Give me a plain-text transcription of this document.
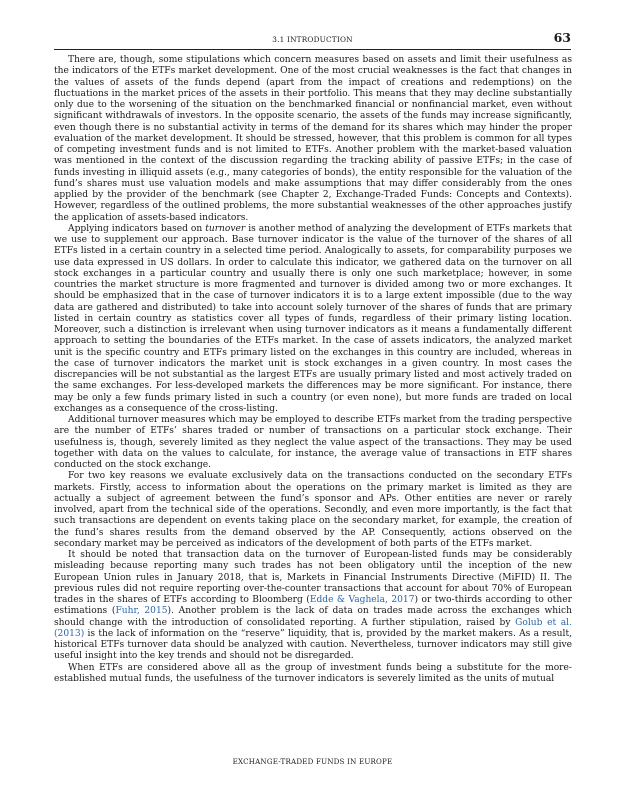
3.1 INTRODUCTION	63

There are, though, some stipulations which concern measures based on assets and limit their usefulness as the indicators of the ETFs market development. One of the most crucial weaknesses is the fact that changes in the values of assets of the funds depend (apart from the impact of creations and redemptions) on the fluctuations in the market prices of the assets in their portfolio. This means that they may decline substantially only due to the worsening of the situation on the benchmarked financial or nonfinancial market, even without significant withdrawals of investors. In the opposite scenario, the assets of the funds may increase significantly, even though there is no substantial activity in terms of the demand for its shares which may hinder the proper evaluation of the market development. It should be stressed, however, that this problem is common for all types of competing investment funds and is not limited to ETFs. Another problem with the market-based valuation was mentioned in the context of the discussion regarding the tracking ability of passive ETFs; in the case of funds investing in illiquid assets (e.g., many categories of bonds), the entity responsible for the valuation of the fund’s shares must use valuation models and make assumptions that may differ considerably from the ones applied by the provider of the benchmark (see Chapter 2, Exchange-Traded Funds: Concepts and Contexts). However, regardless of the outlined problems, the more substantial weaknesses of the other approaches justify the application of assets-based indicators.

Applying indicators based on turnover is another method of analyzing the development of ETFs markets that we use to supplement our approach. Base turnover indicator is the value of the turnover of the shares of all ETFs listed in a certain country in a selected time period. Analogically to assets, for comparability purposes we use data expressed in US dollars. In order to calculate this indicator, we gathered data on the turnover on all stock exchanges in a particular country and usually there is only one such marketplace; however, in some countries the market structure is more fragmented and turnover is divided among two or more exchanges. It should be emphasized that in the case of turnover indicators it is to a large extent impossible (due to the way data are gathered and distributed) to take into account solely turnover of the shares of funds that are primary listed in certain country as statistics cover all types of funds, regardless of their primary listing location. Moreover, such a distinction is irrelevant when using turnover indicators as it means a fundamentally different approach to setting the boundaries of the ETFs market. In the case of assets indicators, the analyzed market unit is the specific country and ETFs primary listed on the exchanges in this country are included, whereas in the case of turnover indicators the market unit is stock exchanges in a given country. In most cases the discrepancies will be not substantial as the largest ETFs are usually primary listed and most actively traded on the same exchanges. For less-developed markets the differences may be more significant. For instance, there may be only a few funds primary listed in such a country (or even none), but more funds are traded on local exchanges as a consequence of the cross-listing.

Additional turnover measures which may be employed to describe ETFs market from the trading perspective are the number of ETFs’ shares traded or number of transactions on a particular stock exchange. Their usefulness is, though, severely limited as they neglect the value aspect of the transactions. They may be used together with data on the values to calculate, for instance, the average value of transactions in ETF shares conducted on the stock exchange.

For two key reasons we evaluate exclusively data on the transactions conducted on the secondary ETFs markets. Firstly, access to information about the operations on the primary market is limited as they are actually a subject of agreement between the fund’s sponsor and APs. Other entities are never or rarely involved, apart from the technical side of the operations. Secondly, and even more importantly, is the fact that such transactions are dependent on events taking place on the secondary market, for example, the creation of the fund’s shares results from the demand observed by the AP. Consequently, actions observed on the secondary market may be perceived as indicators of the development of both parts of the ETFs market.

It should be noted that transaction data on the turnover of European-listed funds may be considerably misleading because reporting many such trades has not been obligatory until the inception of the new European Union rules in January 2018, that is, Markets in Financial Instruments Directive (MiFID) II. The previous rules did not require reporting over-the-counter transactions that account for about 70% of European trades in the shares of ETFs according to Bloomberg (Edde & Vaghela, 2017) or two-thirds according to other estimations (Fuhr, 2015). Another problem is the lack of data on trades made across the exchanges which should change with the introduction of consolidated reporting. A further stipulation, raised by Golub et al. (2013) is the lack of information on the “reserve” liquidity, that is, provided by the market makers. As a result, historical ETFs turnover data should be analyzed with caution. Nevertheless, turnover indicators may still give useful insight into the key trends and should not be disregarded.

When ETFs are considered above all as the group of investment funds being a substitute for the more-established mutual funds, the usefulness of the turnover indicators is severely limited as the units of mutual

EXCHANGE-TRADED FUNDS IN EUROPE
